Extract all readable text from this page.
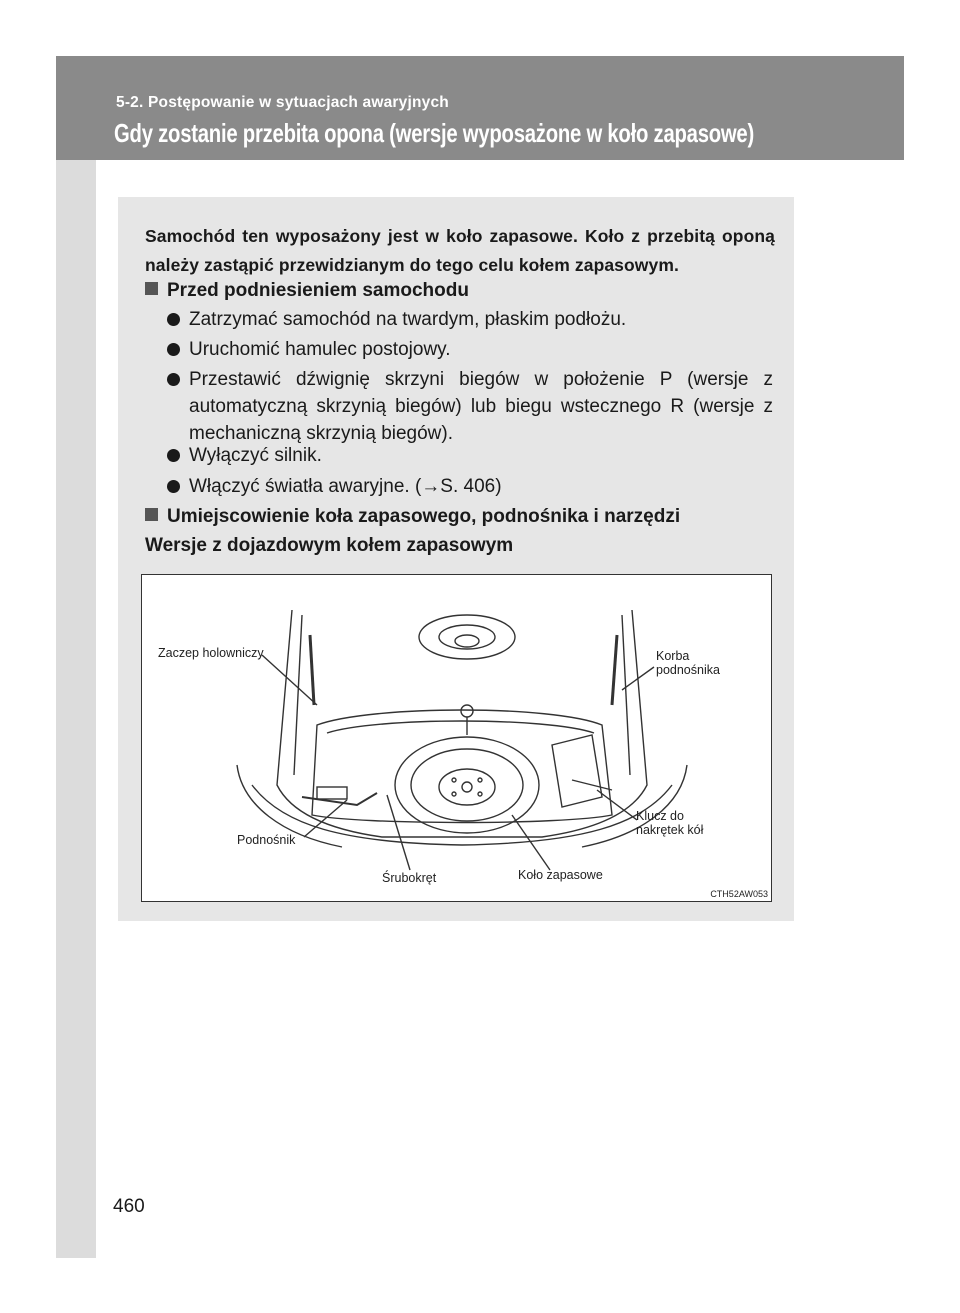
5-2. Postępowanie w sytuacjach awaryjnych
Gdy zostanie przebita opona (wersje wyposażone w koło zapasowe)
Samochód ten wyposażony jest w koło zapasowe. Koło z przebitą oponą należy zastąpić przewidzianym do tego celu kołem zapasowym.
Przed podniesieniem samochodu
Zatrzymać samochód na twardym, płaskim podłożu.
Uruchomić hamulec postojowy.
Przestawić dźwignię skrzyni biegów w położenie P (wersje z automatyczną skrzynią biegów) lub biegu wstecznego R (wersje z mechaniczną skrzynią biegów).
Wyłączyć silnik.
Włączyć światła awaryjne. (→S. 406)
Umiejscowienie koła zapasowego, podnośnika i narzędzi
Wersje z dojazdowym kołem zapasowym
Zaczep holowniczy	Korba podnośnika
Podnośnik
Klucz do nakrętek kół
Śrubokręt	Koło zapasowe
CTH52AW053
460
